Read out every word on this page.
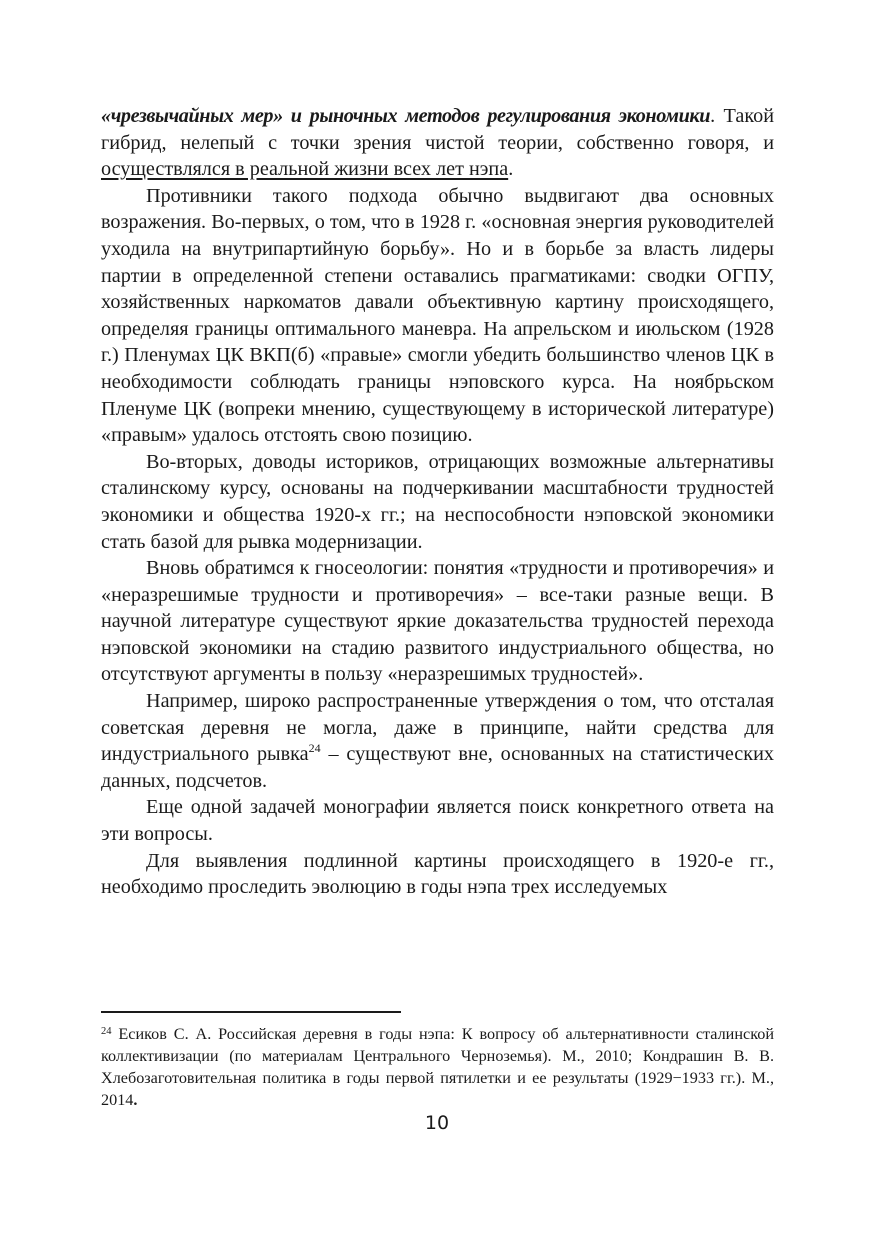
«чрезвычайных мер» и рыночных методов регулирования экономики. Такой гибрид, нелепый с точки зрения чистой теории, собственно говоря, и осуществлялся в реальной жизни всех лет нэпа.

Противники такого подхода обычно выдвигают два основных возражения. Во-первых, о том, что в 1928 г. «основная энергия руководителей уходила на внутрипартийную борьбу». Но и в борьбе за власть лидеры партии в определенной степени оставались прагматиками: сводки ОГПУ, хозяйственных наркоматов давали объективную картину происходящего, определяя границы оптимального маневра. На апрельском и июльском (1928 г.) Пленумах ЦК ВКП(б) «правые» смогли убедить большинство членов ЦК в необходимости соблюдать границы нэповского курса. На ноябрьском Пленуме ЦК (вопреки мнению, существующему в исторической литературе) «правым» удалось отстоять свою позицию.

Во-вторых, доводы историков, отрицающих возможные альтернативы сталинскому курсу, основаны на подчеркивании масштабности трудностей экономики и общества 1920-х гг.; на неспособности нэповской экономики стать базой для рывка модернизации.

Вновь обратимся к гносеологии: понятия «трудности и противоречия» и «неразрешимые трудности и противоречия» – все-таки разные вещи. В научной литературе существуют яркие доказательства трудностей перехода нэповской экономики на стадию развитого индустриального общества, но отсутствуют аргументы в пользу «неразрешимых трудностей».

Например, широко распространенные утверждения о том, что отсталая советская деревня не могла, даже в принципе, найти средства для индустриального рывка$^{24}$ – существуют вне, основанных на статистических данных, подсчетов.

Еще одной задачей монографии является поиск конкретного ответа на эти вопросы.

Для выявления подлинной картины происходящего в 1920-е гг., необходимо проследить эволюцию в годы нэпа трех исследуемых

$^{24}$ Есиков С. А. Российская деревня в годы нэпа: К вопросу об альтернативности сталинской коллективизации (по материалам Центрального Черноземья). М., 2010; Кондрашин В. В. Хлебозаготовительная политика в годы первой пятилетки и ее результаты (1929−1933 гг.). М., 2014.
10
